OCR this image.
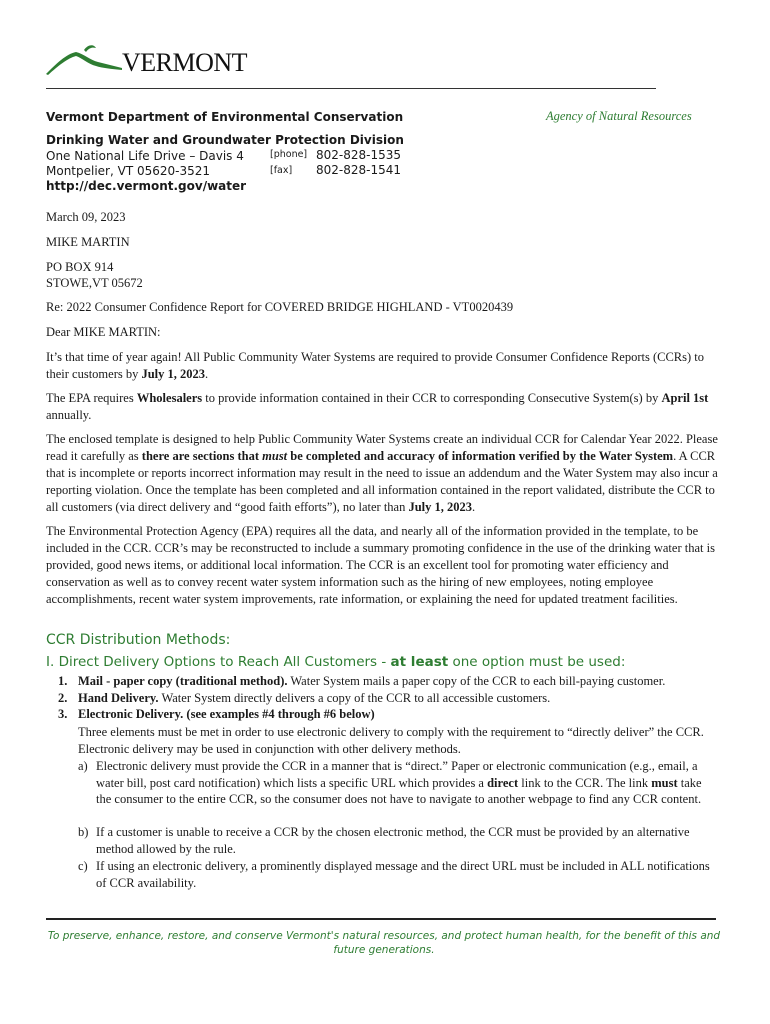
VERMONT
Vermont Department of Environmental Conservation	Agency of Natural Resources
Drinking Water and Groundwater Protection Division
One National Life Drive – Davis 4
Montpelier, VT 05620-3521
http://dec.vermont.gov/water
[phone] 802-828-1535
[fax] 802-828-1541

March 09, 2023

MIKE MARTIN

PO BOX 914

STOWE,VT 05672

Re: 2022 Consumer Confidence Report for COVERED BRIDGE HIGHLAND - VT0020439

Dear MIKE MARTIN:

It’s that time of year again! All Public Community Water Systems are required to provide Consumer Confidence Reports (CCRs) to their customers by July 1, 2023.

The EPA requires Wholesalers to provide information contained in their CCR to corresponding Consecutive System(s) by April 1st annually.

The enclosed template is designed to help Public Community Water Systems create an individual CCR for Calendar Year 2022. Please read it carefully as there are sections that must be completed and accuracy of information verified by the Water System. A CCR that is incomplete or reports incorrect information may result in the need to issue an addendum and the Water System may also incur a reporting violation. Once the template has been completed and all information contained in the report validated, distribute the CCR to all customers (via direct delivery and “good faith efforts”), no later than July 1, 2023.

The Environmental Protection Agency (EPA) requires all the data, and nearly all of the information provided in the template, to be included in the CCR. CCR’s may be reconstructed to include a summary promoting confidence in the use of the drinking water that is provided, good news items, or additional local information. The CCR is an excellent tool for promoting water efficiency and conservation as well as to convey recent water system information such as the hiring of new employees, noting employee accomplishments, recent water system improvements, rate information, or explaining the need for updated treatment facilities.

CCR Distribution Methods:
I. Direct Delivery Options to Reach All Customers - at least one option must be used:
1. Mail - paper copy (traditional method). Water System mails a paper copy of the CCR to each bill-paying customer.
2. Hand Delivery. Water System directly delivers a copy of the CCR to all accessible customers.
3. Electronic Delivery. (see examples #4 through #6 below)

Three elements must be met in order to use electronic delivery to comply with the requirement to “directly deliver” the CCR. Electronic delivery may be used in conjunction with other delivery methods.

a) Electronic delivery must provide the CCR in a manner that is “direct.” Paper or electronic communication (e.g., email, a water bill, post card notification) which lists a specific URL which provides a direct link to the CCR. The link must take the consumer to the entire CCR, so the consumer does not have to navigate to another webpage to find any CCR content.
b) If a customer is unable to receive a CCR by the chosen electronic method, the CCR must be provided by an alternative method allowed by the rule.
c) If using an electronic delivery, a prominently displayed message and the direct URL must be included in ALL notifications of CCR availability.
To preserve, enhance, restore, and conserve Vermont's natural resources, and protect human health, for the benefit of this and future generations.
